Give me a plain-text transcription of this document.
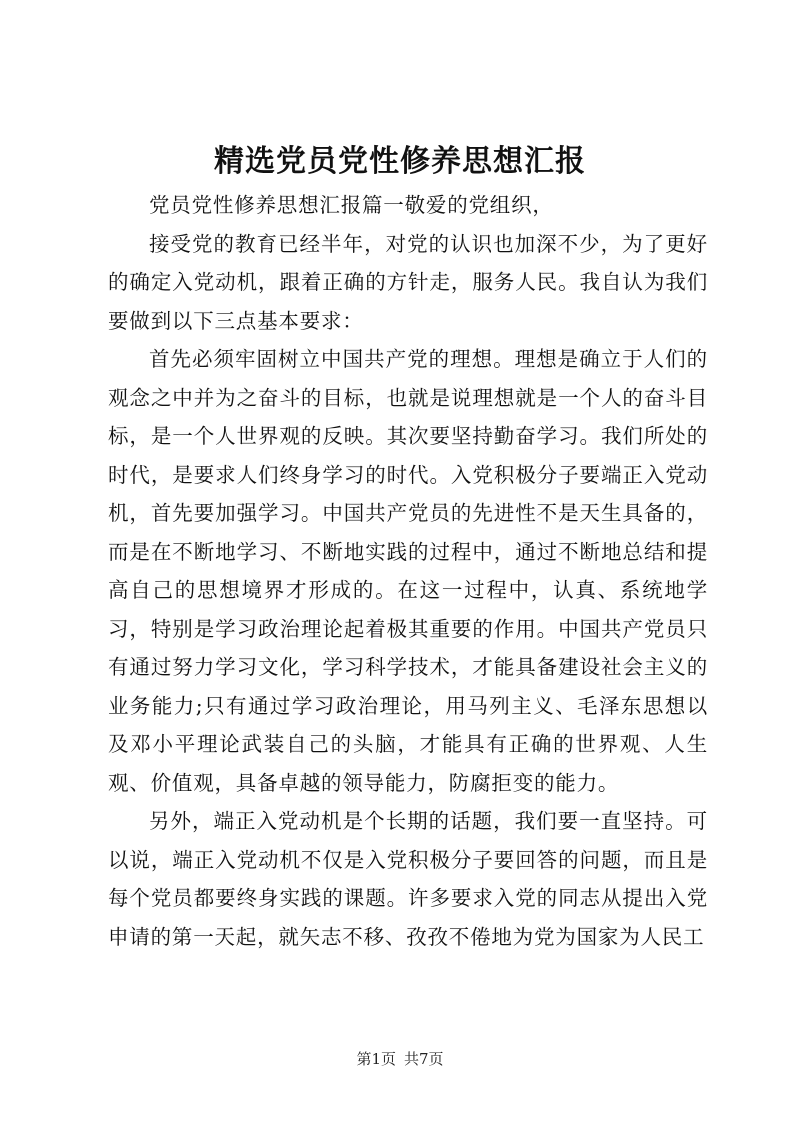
精选党员党性修养思想汇报

党员党性修养思想汇报篇一敬爱的党组织，

接受党的教育已经半年，对党的认识也加深不少，为了更好的确定入党动机，跟着正确的方针走，服务人民。我自认为我们要做到以下三点基本要求：

首先必须牢固树立中国共产党的理想。理想是确立于人们的观念之中并为之奋斗的目标，也就是说理想就是一个人的奋斗目标，是一个人世界观的反映。其次要坚持勤奋学习。我们所处的时代，是要求人们终身学习的时代。入党积极分子要端正入党动机，首先要加强学习。中国共产党员的先进性不是天生具备的，而是在不断地学习、不断地实践的过程中，通过不断地总结和提高自己的思想境界才形成的。在这一过程中，认真、系统地学习，特别是学习政治理论起着极其重要的作用。中国共产党员只有通过努力学习文化，学习科学技术，才能具备建设社会主义的业务能力;只有通过学习政治理论，用马列主义、毛泽东思想以及邓小平理论武装自己的头脑，才能具有正确的世界观、人生观、价值观，具备卓越的领导能力，防腐拒变的能力。

另外，端正入党动机是个长期的话题，我们要一直坚持。可以说，端正入党动机不仅是入党积极分子要回答的问题，而且是每个党员都要终身实践的课题。许多要求入党的同志从提出入党申请的第一天起，就矢志不移、孜孜不倦地为党为国家为人民工

第1页 共7页
